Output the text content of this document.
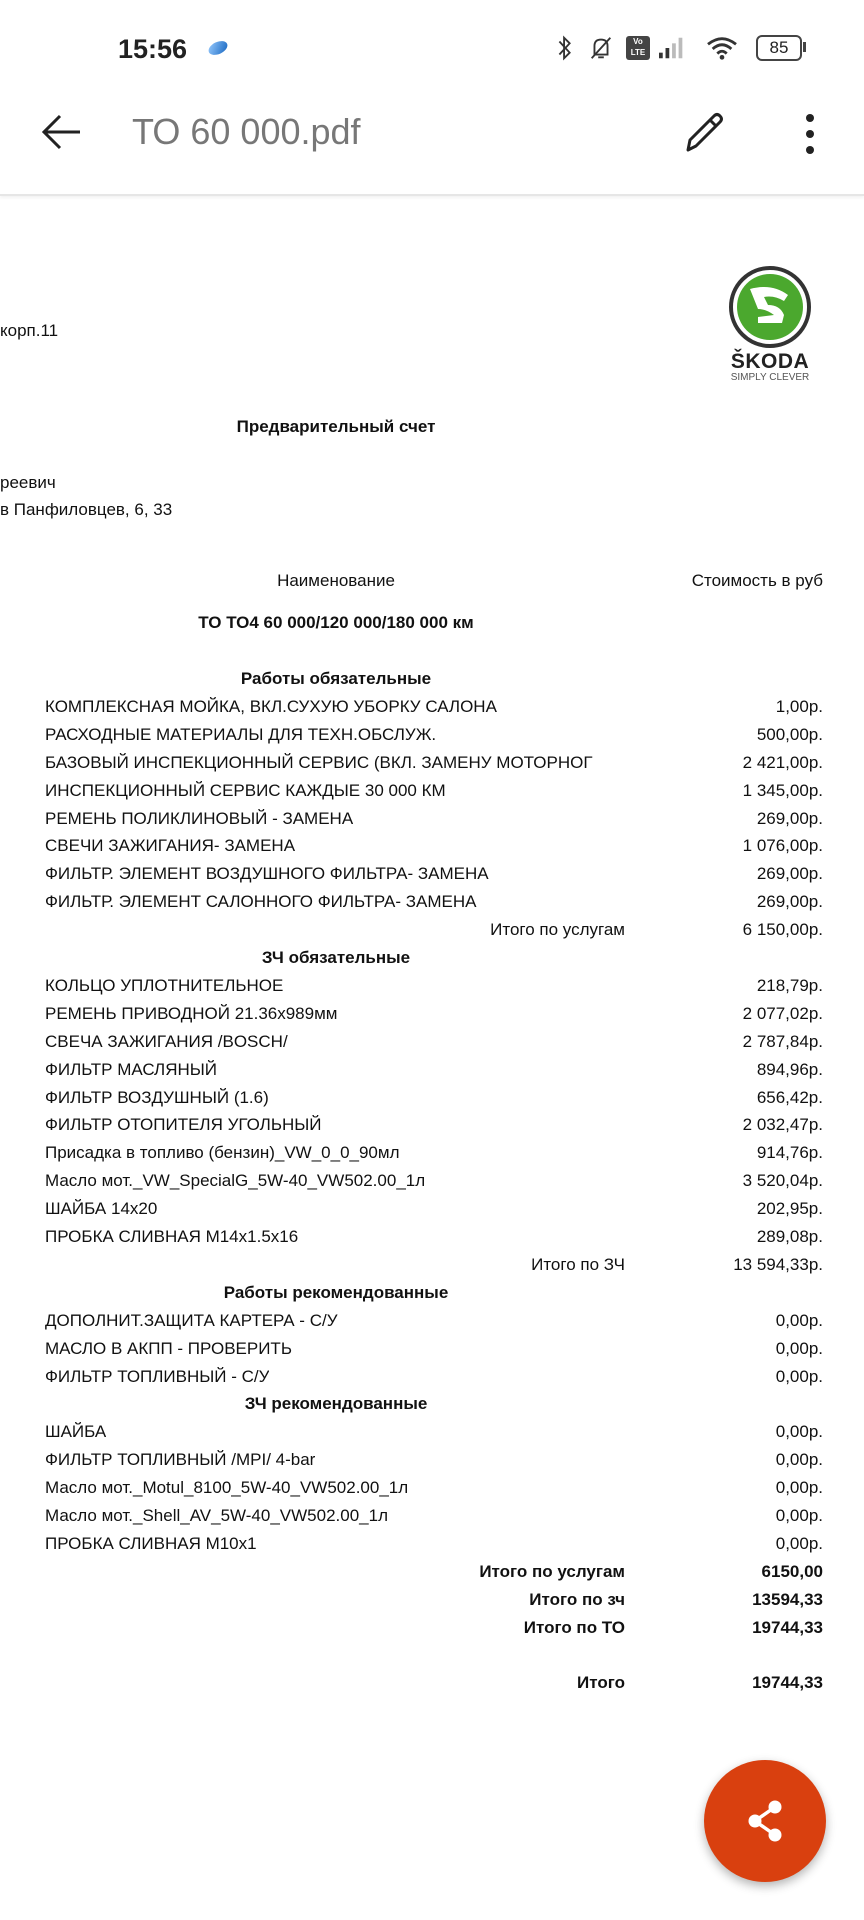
15:56	Vo LTE	85
ТО 60 000.pdf
корп.11
ŠKODA
SIMPLY CLEVER
Предварительный счет
реевич
в Панфиловцев, 6, 33
Наименование	Стоимость в руб
ТО ТО4 60 000/120 000/180 000 км
Работы обязательные
КОМПЛЕКСНАЯ МОЙКА, ВКЛ.СУХУЮ УБОРКУ САЛОНА	1,00р.
РАСХОДНЫЕ МАТЕРИАЛЫ ДЛЯ ТЕХН.ОБСЛУЖ.	500,00р.
БАЗОВЫЙ ИНСПЕКЦИОННЫЙ СЕРВИС (ВКЛ. ЗАМЕНУ МОТОРНОГ	2 421,00р.
ИНСПЕКЦИОННЫЙ СЕРВИС КАЖДЫЕ 30 000 КМ	1 345,00р.
РЕМЕНЬ ПОЛИКЛИНОВЫЙ - ЗАМЕНА	269,00р.
СВЕЧИ ЗАЖИГАНИЯ- ЗАМЕНА	1 076,00р.
ФИЛЬТР. ЭЛЕМЕНТ ВОЗДУШНОГО ФИЛЬТРА- ЗАМЕНА	269,00р.
ФИЛЬТР. ЭЛЕМЕНТ САЛОННОГО ФИЛЬТРА- ЗАМЕНА	269,00р.
Итого по услугам	6 150,00р.
ЗЧ обязательные
КОЛЬЦО УПЛОТНИТЕЛЬНОЕ	218,79р.
РЕМЕНЬ ПРИВОДНОЙ 21.36x989мм	2 077,02р.
СВЕЧА ЗАЖИГАНИЯ /BOSCH/	2 787,84р.
ФИЛЬТР МАСЛЯНЫЙ	894,96р.
ФИЛЬТР ВОЗДУШНЫЙ (1.6)	656,42р.
ФИЛЬТР ОТОПИТЕЛЯ УГОЛЬНЫЙ	2 032,47р.
Присадка в топливо (бензин)_VW_0_0_90мл	914,76р.
Масло мот._VW_SpecialG_5W-40_VW502.00_1л	3 520,04р.
ШАЙБА 14x20	202,95р.
ПРОБКА СЛИВНАЯ M14x1.5x16	289,08р.
Итого по ЗЧ	13 594,33р.
Работы рекомендованные
ДОПОЛНИТ.ЗАЩИТА КАРТЕРА - С/У	0,00р.
МАСЛО В АКПП - ПРОВЕРИТЬ	0,00р.
ФИЛЬТР ТОПЛИВНЫЙ - С/У	0,00р.
ЗЧ рекомендованные
ШАЙБА	0,00р.
ФИЛЬТР ТОПЛИВНЫЙ /MPI/ 4-bar	0,00р.
Масло мот._Motul_8100_5W-40_VW502.00_1л	0,00р.
Масло мот._Shell_AV_5W-40_VW502.00_1л	0,00р.
ПРОБКА СЛИВНАЯ M10x1	0,00р.
Итого по услугам	6150,00
Итого по зч	13594,33
Итого по ТО	19744,33
Итого	19744,33
